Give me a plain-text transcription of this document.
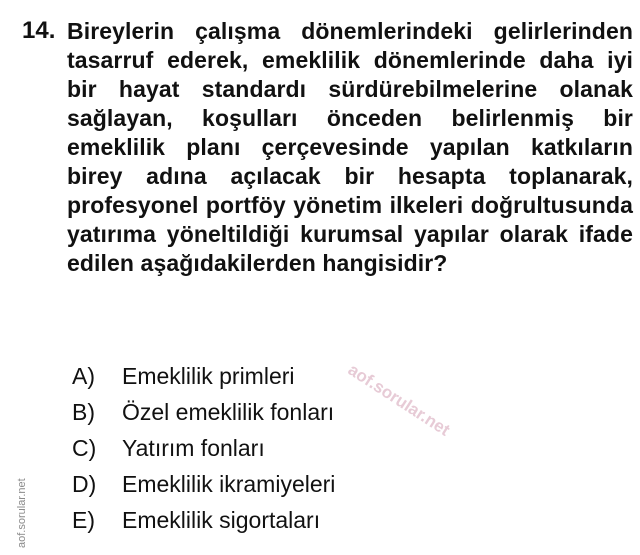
14. Bireylerin çalışma dönemlerindeki gelirlerinden tasarruf ederek, emeklilik dönemlerinde daha iyi bir hayat standardı sürdürebilmelerine olanak sağlayan, koşulları önceden belirlenmiş bir emeklilik planı çerçevesinde yapılan katkıların birey adına açılacak bir hesapta toplanarak, profesyonel portföy yönetim ilkeleri doğrultusunda yatırıma yöneltildiği kurumsal yapılar olarak ifade edilen aşağıdakilerden hangisidir?
A)	Emeklilik primleri
B)	Özel emeklilik fonları
C)	Yatırım fonları
D)	Emeklilik ikramiyeleri
E)	Emeklilik sigortaları
aof.sorular.net
aof.sorular.net
